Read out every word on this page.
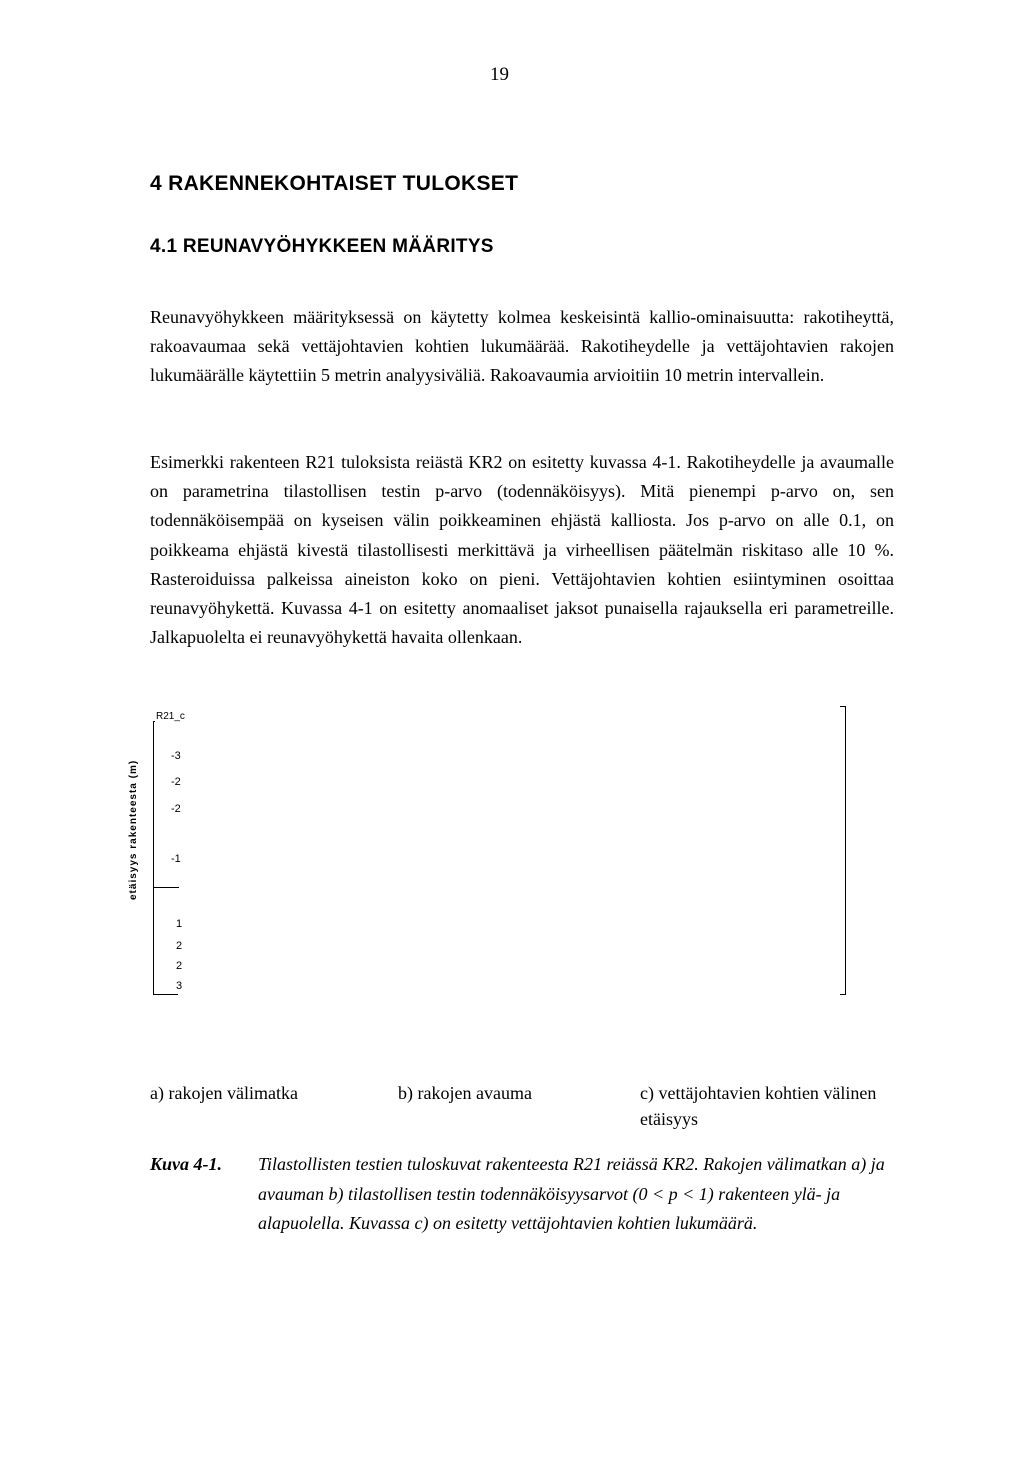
19
4 RAKENNEKOHTAISET TULOKSET
4.1 REUNAVYÖHYKKEEN MÄÄRITYS

Reunavyöhykkeen määrityksessä on käytetty kolmea keskeisintä kallio-ominaisuutta: rakotiheyttä, rakoavaumaa sekä vettäjohtavien kohtien lukumäärää. Rakotiheydelle ja vettäjohtavien rakojen lukumäärälle käytettiin 5 metrin analyysiväliä. Rakoavaumia arvioitiin 10 metrin intervallein.

Esimerkki rakenteen R21 tuloksista reiästä KR2 on esitetty kuvassa 4-1. Rakotiheydelle ja avaumalle on parametrina tilastollisen testin p-arvo (todennäköisyys). Mitä pienempi p-arvo on, sen todennäköisempää on kyseisen välin poikkeaminen ehjästä kalliosta. Jos p-arvo on alle 0.1, on poikkeama ehjästä kivestä tilastollisesti merkittävä ja virheellisen päätelmän riskitaso alle 10 %. Rasteroiduissa palkeissa aineiston koko on pieni. Vettäjohtavien kohtien esiintyminen osoittaa reunavyöhykettä. Kuvassa 4-1 on esitetty anomaaliset jaksot punaisella rajauksella eri parametreille. Jalkapuolelta ei reunavyöhykettä havaita ollenkaan.

R21_c
etäisyys rakenteesta (m)
-3
-2
-2
-1
1
2
2
3
a) rakojen välimatka	b) rakojen avauma	c) vettäjohtavien kohtien välinen etäisyys
Kuva 4-1. Tilastollisten testien tuloskuvat rakenteesta R21 reiässä KR2. Rakojen välimatkan a) ja avauman b) tilastollisen testin todennäköisyysarvot (0 < p < 1) rakenteen ylä- ja alapuolella. Kuvassa c) on esitetty vettäjohtavien kohtien lukumäärä.
